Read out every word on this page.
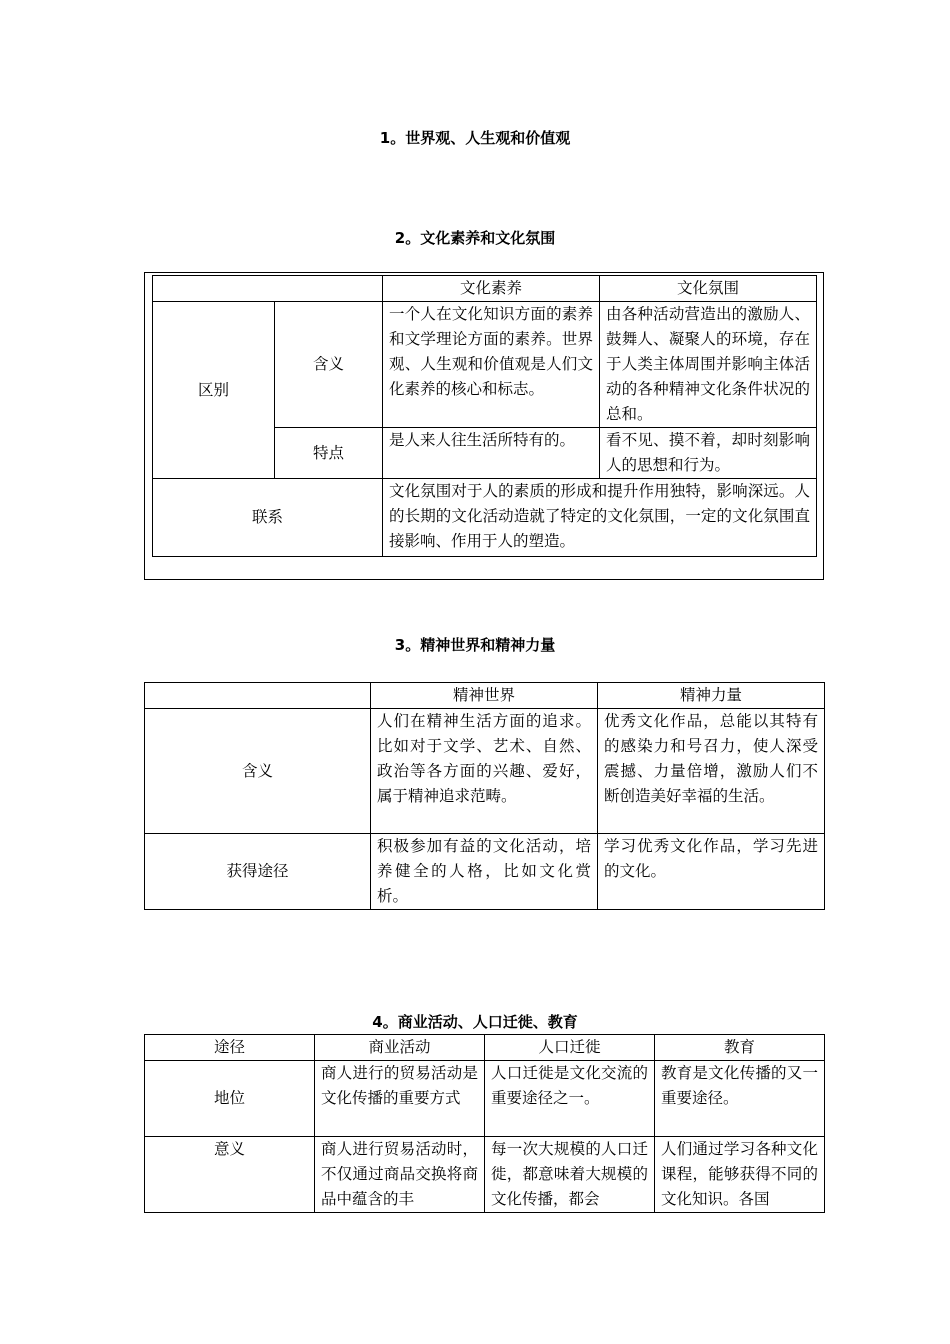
1。世界观、人生观和价值观
2。文化素养和文化氛围
		文化素养	文化氛围
区别	含义	一个人在文化知识方面的素养和文学理论方面的素养。世界观、人生观和价值观是人们文化素养的核心和标志。	由各种活动营造出的激励人、鼓舞人、凝聚人的环境，存在于人类主体周围并影响主体活动的各种精神文化条件状况的总和。
	特点	是人来人往生活所特有的。	看不见、摸不着，却时刻影响人的思想和行为。
联系		文化氛围对于人的素质的形成和提升作用独特，影响深远。人的长期的文化活动造就了特定的文化氛围，一定的文化氛围直接影响、作用于人的塑造。	
3。精神世界和精神力量
	精神世界	精神力量
含义	人们在精神生活方面的追求。比如对于文学、艺术、自然、政治等各方面的兴趣、爱好，属于精神追求范畴。	优秀文化作品，总能以其特有的感染力和号召力，使人深受震撼、力量倍增，激励人们不断创造美好幸福的生活。
获得途径	积极参加有益的文化活动，培养健全的人格，比如文化赏析。	学习优秀文化作品，学习先进的文化。
4。商业活动、人口迁徙、教育
途径	商业活动	人口迁徙	教育
地位	商人进行的贸易活动是文化传播的重要方式	人口迁徙是文化交流的重要途径之一。	教育是文化传播的又一重要途径。
意义	商人进行贸易活动时，不仅通过商品交换将商品中蕴含的丰	每一次大规模的人口迁徙，都意味着大规模的文化传播，都会	人们通过学习各种文化课程，能够获得不同的文化知识。各国
